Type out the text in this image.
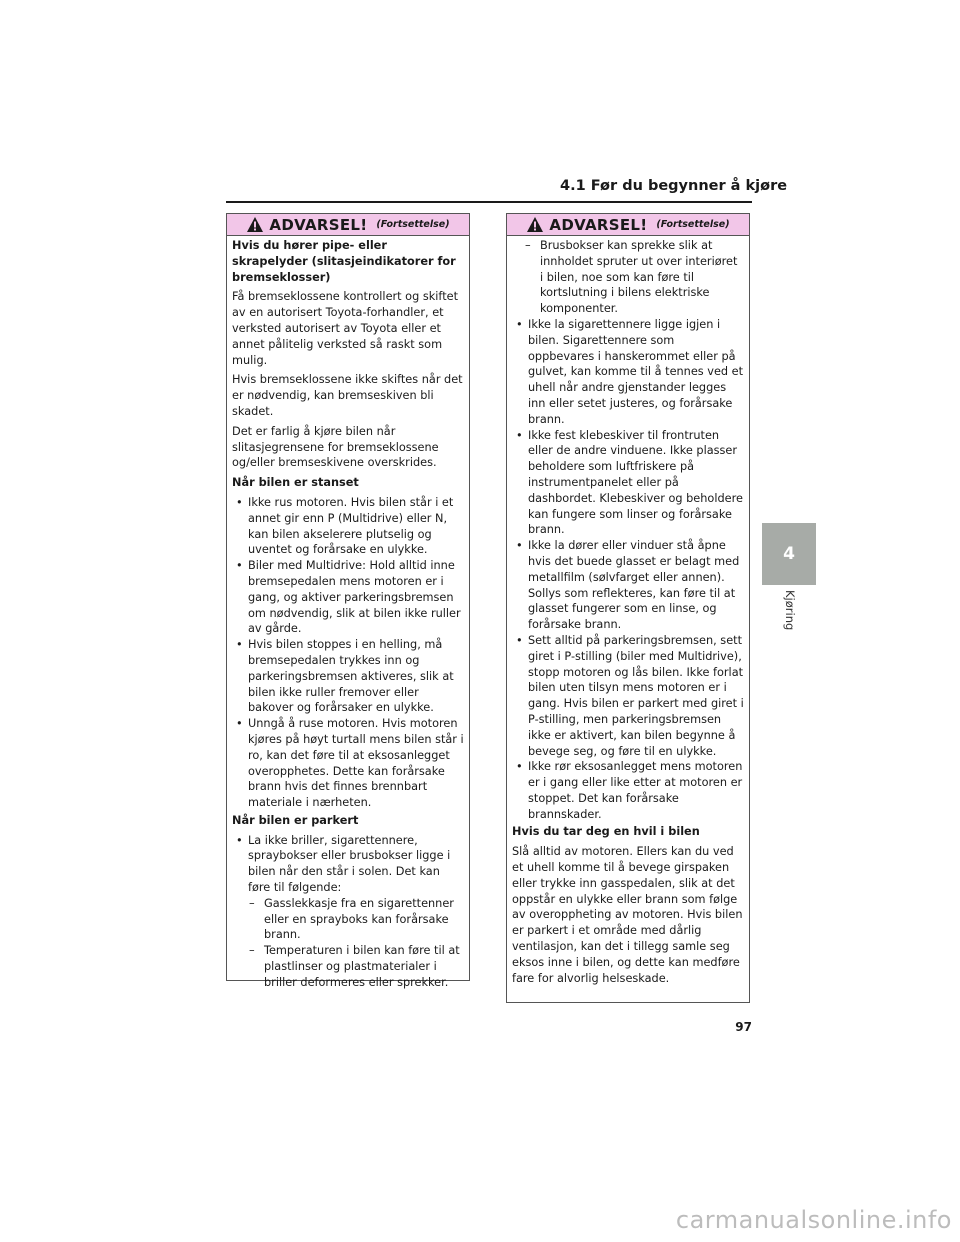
4.1 Før du begynner å kjøre
ADVARSEL! (Fortsettelse)

Hvis du hører pipe- eller skrapelyder (slitasjeindikatorer for bremseklosser)

Få bremseklossene kontrollert og skiftet av en autorisert Toyota-forhandler, et verksted autorisert av Toyota eller et annet pålitelig verksted så raskt som mulig.

Hvis bremseklossene ikke skiftes når det er nødvendig, kan bremseskiven bli skadet.

Det er farlig å kjøre bilen når slitasjegrensene for bremseklossene og/eller bremseskivene overskrides.

Når bilen er stanset

• Ikke rus motoren. Hvis bilen står i et annet gir enn P (Multidrive) eller N, kan bilen akselerere plutselig og uventet og forårsake en ulykke.
• Biler med Multidrive: Hold alltid inne bremsepedalen mens motoren er i gang, og aktiver parkeringsbremsen om nødvendig, slik at bilen ikke ruller av gårde.
• Hvis bilen stoppes i en helling, må bremsepedalen trykkes inn og parkeringsbremsen aktiveres, slik at bilen ikke ruller fremover eller bakover og forårsaker en ulykke.
• Unngå å ruse motoren. Hvis motoren kjøres på høyt turtall mens bilen står i ro, kan det føre til at eksosanlegget overopphetes. Dette kan forårsake brann hvis det finnes brennbart materiale i nærheten.

Når bilen er parkert

• La ikke briller, sigarettennere, spraybokser eller brusbokser ligge i bilen når den står i solen. Det kan føre til følgende:
– Gasslekkasje fra en sigarettenner eller en sprayboks kan forårsake brann.
– Temperaturen i bilen kan føre til at plastlinser og plastmaterialer i briller deformeres eller sprekker.
ADVARSEL! (Fortsettelse)
– Brusbokser kan sprekke slik at innholdet spruter ut over interiøret i bilen, noe som kan føre til kortslutning i bilens elektriske komponenter.
• Ikke la sigarettennere ligge igjen i bilen. Sigarettennere som oppbevares i hanskerommet eller på gulvet, kan komme til å tennes ved et uhell når andre gjenstander legges inn eller setet justeres, og forårsake brann.
• Ikke fest klebeskiver til frontruten eller de andre vinduene. Ikke plasser beholdere som luftfriskere på instrumentpanelet eller på dashbordet. Klebeskiver og beholdere kan fungere som linser og forårsake brann.
• Ikke la dører eller vinduer stå åpne hvis det buede glasset er belagt med metallfilm (sølvfarget eller annen). Sollys som reflekteres, kan føre til at glasset fungerer som en linse, og forårsake brann.
• Sett alltid på parkeringsbremsen, sett giret i P-stilling (biler med Multidrive), stopp motoren og lås bilen. Ikke forlat bilen uten tilsyn mens motoren er i gang. Hvis bilen er parkert med giret i P-stilling, men parkeringsbremsen ikke er aktivert, kan bilen begynne å bevege seg, og føre til en ulykke.
• Ikke rør eksosanlegget mens motoren er i gang eller like etter at motoren er stoppet. Det kan forårsake brannskader.

Hvis du tar deg en hvil i bilen

Slå alltid av motoren. Ellers kan du ved et uhell komme til å bevege girspaken eller trykke inn gasspedalen, slik at det oppstår en ulykke eller brann som følge av overoppheting av motoren. Hvis bilen er parkert i et område med dårlig ventilasjon, kan det i tillegg samle seg eksos inne i bilen, og dette kan medføre fare for alvorlig helseskade.

4
Kjøring
97
carmanualsonline.info
